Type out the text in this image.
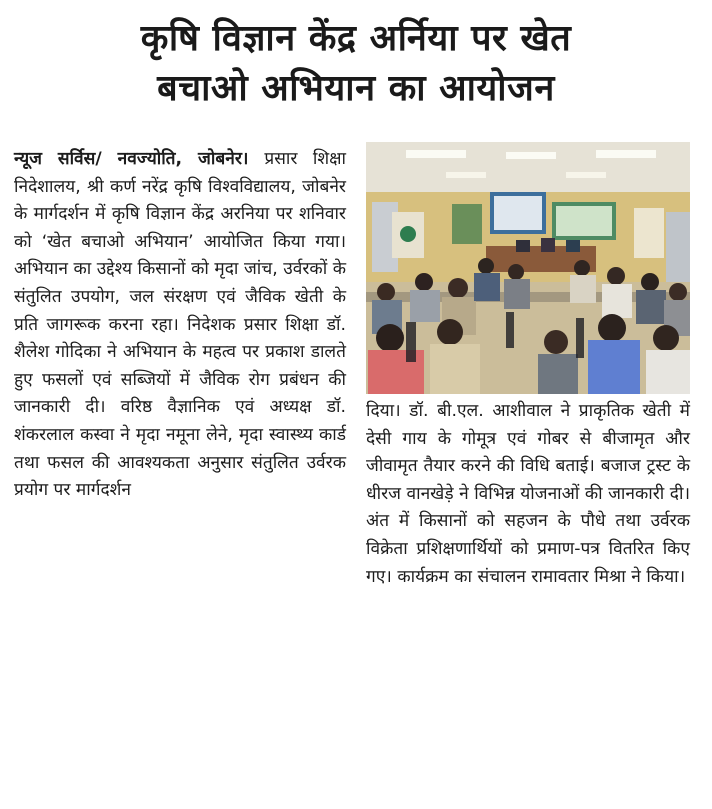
कृषि विज्ञान केंद्र अर्निया पर खेत
बचाओ अभियान का आयोजन
न्यूज सर्विस/ नवज्योति, जोबनेर। प्रसार शिक्षा निदेशालय, श्री कर्ण नरेंद्र कृषि विश्वविद्यालय, जोबनेर के मार्गदर्शन में कृषि विज्ञान केंद्र अरनिया पर शनिवार को ‘खेत बचाओ अभियान’ आयोजित किया गया। अभियान का उद्देश्य किसानों को मृदा जांच, उर्वरकों के संतुलित उपयोग, जल संरक्षण एवं जैविक खेती के प्रति जागरूक करना रहा। निदेशक प्रसार शिक्षा डॉ. शैलेश गोदिका ने अभियान के महत्व पर प्रकाश डालते हुए फसलों एवं सब्जियों में जैविक रोग प्रबंधन की जानकारी दी। वरिष्ठ वैज्ञानिक एवं अध्यक्ष डॉ. शंकरलाल कस्वा ने मृदा नमूना लेने, मृदा स्वास्थ्य कार्ड तथा फसल की आवश्यकता अनुसार संतुलित उर्वरक प्रयोग पर मार्गदर्शन
दिया। डॉ. बी.एल. आशीवाल ने प्राकृतिक खेती में देसी गाय के गोमूत्र एवं गोबर से बीजामृत और जीवामृत तैयार करने की विधि बताई। बजाज ट्रस्ट के धीरज वानखेड़े ने विभिन्न योजनाओं की जानकारी दी। अंत में किसानों को सहजन के पौधे तथा उर्वरक विक्रेता प्रशिक्षणार्थियों को प्रमाण-पत्र वितरित किए गए। कार्यक्रम का संचालन रामावतार मिश्रा ने किया।
